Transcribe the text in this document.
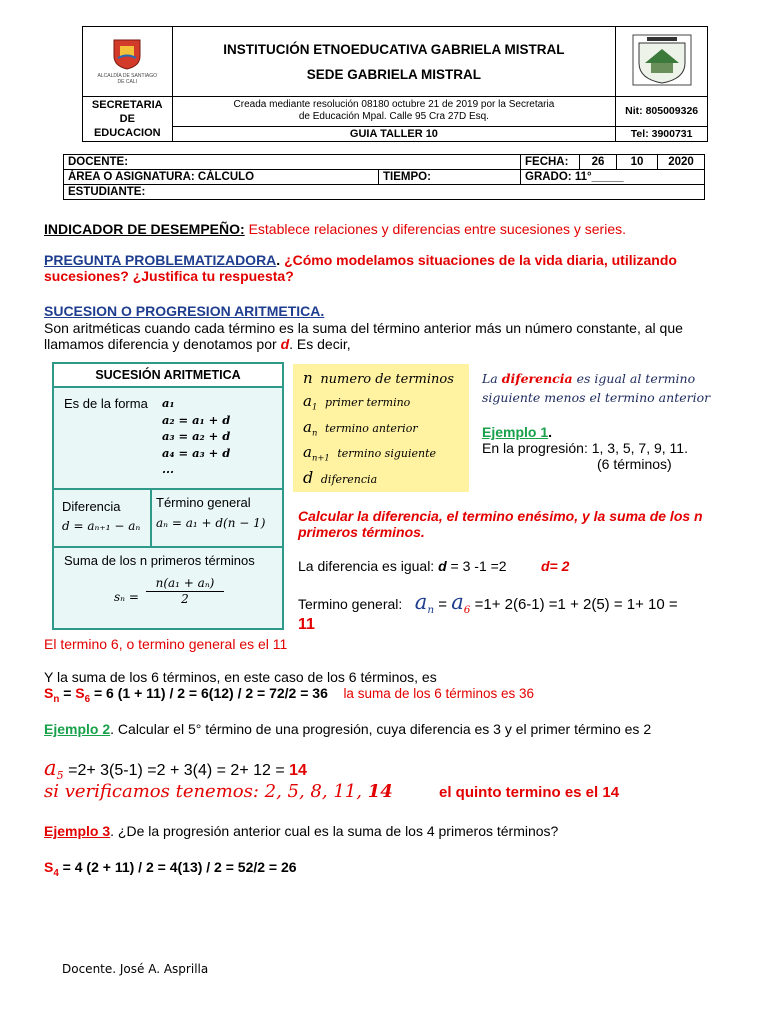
ALCALDÍA DE SANTIAGO DE CALI	INSTITUCIÓN ETNOEDUCATIVA GABRIELA MISTRAL
SEDE GABRIELA MISTRAL

SECRETARIA DE EDUCACION	Creada mediante resolución 08180 octubre 21 de 2019 por la Secretaria de Educación Mpal. Calle 95 Cra 27D Esq.	Nit: 805009326
	GUIA TALLER 10	Tel: 3900731
DOCENTE:		FECHA:	26	10	2020
ÁREA O ASIGNATURA: CÁLCULO	TIEMPO:	GRADO: 11°_____			
ESTUDIANTE:					
INDICADOR DE DESEMPEÑO: Establece relaciones y diferencias entre sucesiones y series.
PREGUNTA PROBLEMATIZADORA. ¿Cómo modelamos situaciones de la vida diaria, utilizando sucesiones? ¿Justifica tu respuesta?
SUCESION O PROGRESION ARITMETICA.
Son aritméticas cuando cada término es la suma del término anterior más un número constante, al que
llamamos diferencia y denotamos por d. Es decir,
SUCESIÓN ARITMETICA
Es de la forma a₁
a₂ = a₁ + d
a₃ = a₂ + d
a₄ = a₃ + d
...
Diferencia
d = aₙ₊₁ − aₙ
Término general
aₙ = a₁ + d(n − 1)
Suma de los n primeros términos
$s_n = \frac{\text{n(a₁ + aₙ)}}{2}$
n numero de terminos
$a_1$ primer termino
$a_n$ termino anterior
$a_{n+1}$ termino siguiente
d diferencia
La diferencia es igual al termino
siguiente menos el termino anterior
Ejemplo 1.
En la progresión: 1, 3, 5, 7, 9, 11.
(6 términos)
Calcular la diferencia, el termino enésimo, y la suma de los n primeros términos.
La diferencia es igual: d = 3 -1 =2 d= 2
Termino general: $a_n = a_6 =1+ 2(6-1) =1 + 2(5) = 1+ 10$ =
11
El termino 6, o termino general es el 11
Y la suma de los 6 términos, en este caso de los 6 términos, es
$S_n = S_6 = 6$ (1 + 11) / 2 = 6(12) / 2 = 72/2 = 36 la suma de los 6 términos es 36
Ejemplo 2. Calcular el 5° término de una progresión, cuya diferencia es 3 y el primer término es 2
$a_5 =2+ 3(5-1) =2 + 3(4) = 2+ 12 = 14$
si verificamos tenemos: 2, 5, 8, 11, 14	el quinto termino es el 14
Ejemplo 3. ¿De la progresión anterior cual es la suma de los 4 primeros términos?
$S_4 = 4$ (2 + 11) / 2 = 4(13) / 2 = 52/2 = 26
Docente. José A. Asprilla
